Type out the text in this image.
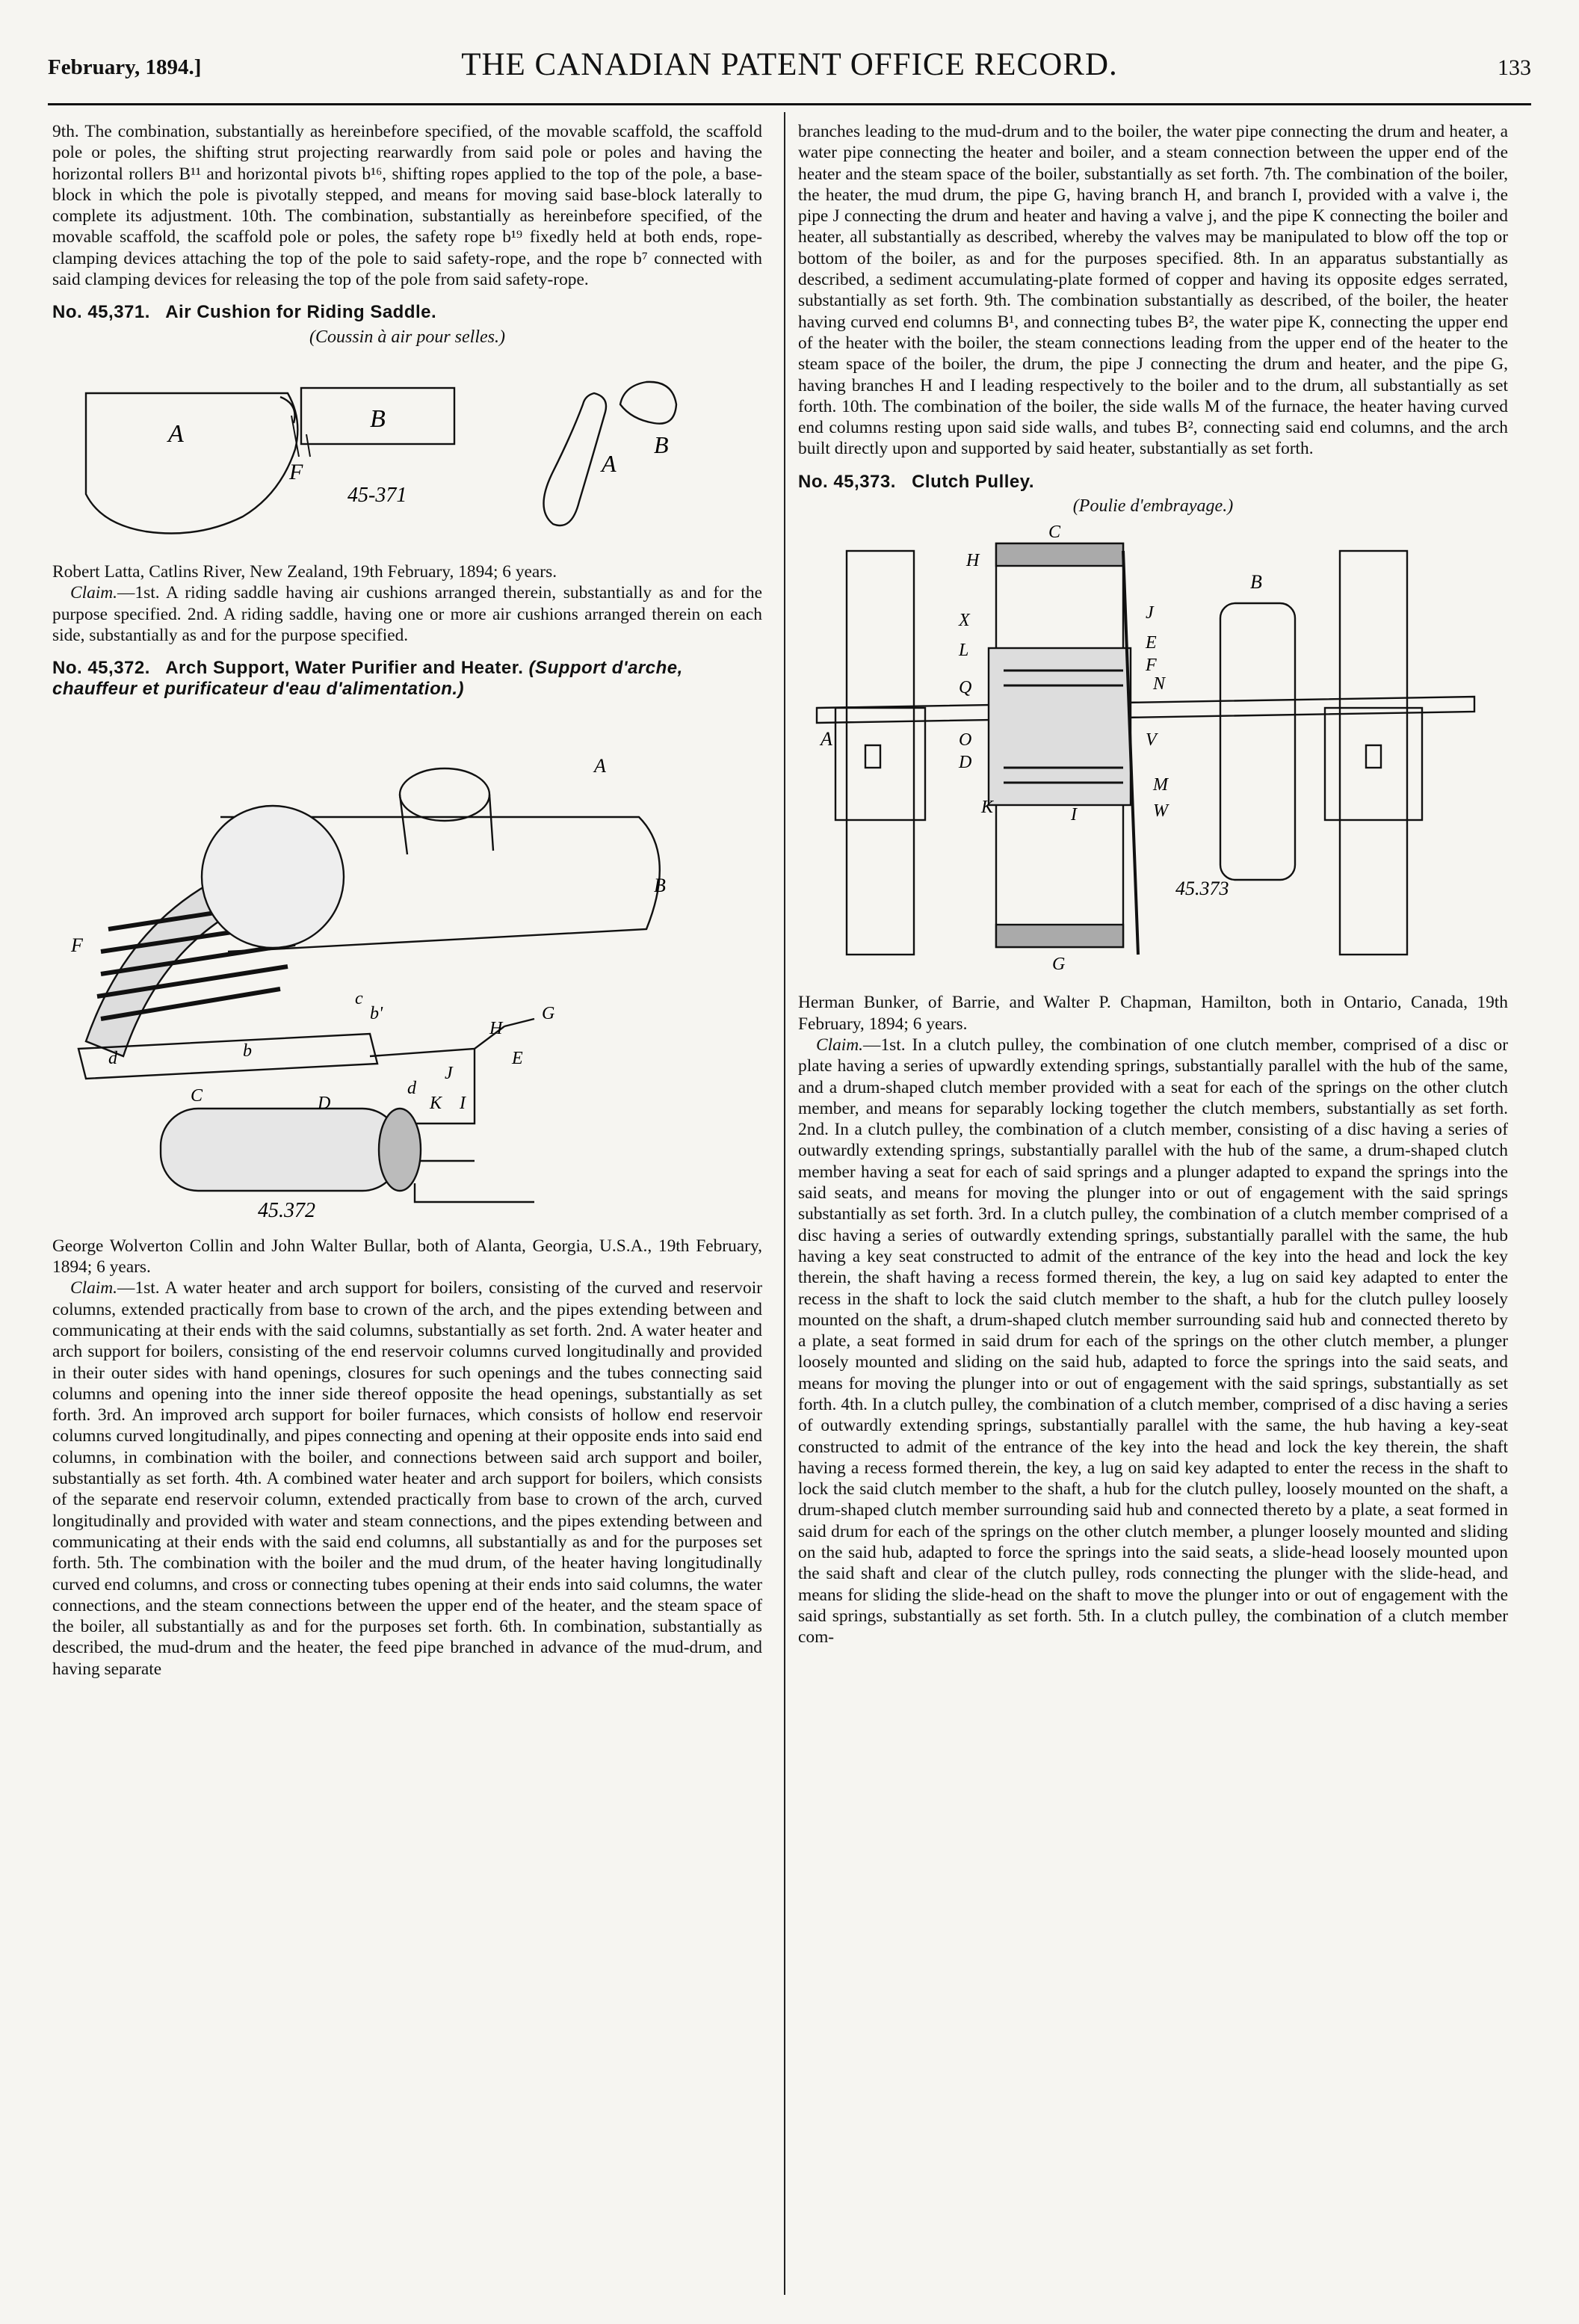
February, 1894.]	THE CANADIAN PATENT OFFICE RECORD.	133

9th. The combination, substantially as hereinbefore specified, of the movable scaffold, the scaffold pole or poles, the shifting strut projecting rearwardly from said pole or poles and having the horizontal rollers B¹¹ and horizontal pivots b¹⁶, shifting ropes applied to the top of the pole, a base-block in which the pole is pivotally stepped, and means for moving said base-block laterally to complete its adjustment. 10th. The combination, substantially as hereinbefore specified, of the movable scaffold, the scaffold pole or poles, the safety rope b¹⁹ fixedly held at both ends, rope-clamping devices attaching the top of the pole to said safety-rope, and the rope b⁷ connected with said clamping devices for releasing the top of the pole from said safety-rope.

No. 45,371. Air Cushion for Riding Saddle.
(Coussin à air pour selles.)
A
B
F	A
B
45-371

Robert Latta, Catlins River, New Zealand, 19th February, 1894; 6 years.

Claim.—1st. A riding saddle having air cushions arranged therein, substantially as and for the purpose specified. 2nd. A riding saddle, having one or more air cushions arranged therein on each side, substantially as and for the purpose specified.

No. 45,372. Arch Support, Water Purifier and Heater. (Support d'arche, chauffeur et purificateur d'eau d'alimentation.)
A
B
F
d	b
b'
c
G
H
E
J
I
K
C	D
d
45.372

George Wolverton Collin and John Walter Bullar, both of Alanta, Georgia, U.S.A., 19th February, 1894; 6 years.

Claim.—1st. A water heater and arch support for boilers, consisting of the curved and reservoir columns, extended practically from base to crown of the arch, and the pipes extending between and communicating at their ends with the said columns, substantially as set forth. 2nd. A water heater and arch support for boilers, consisting of the end reservoir columns curved longitudinally and provided in their outer sides with hand openings, closures for such openings and the tubes connecting said columns and opening into the inner side thereof opposite the head openings, substantially as set forth. 3rd. An improved arch support for boiler furnaces, which consists of hollow end reservoir columns curved longitudinally, and pipes connecting and opening at their opposite ends into said end columns, in combination with the boiler, and connections between said arch support and boiler, substantially as set forth. 4th. A combined water heater and arch support for boilers, which consists of the separate end reservoir column, extended practically from base to crown of the arch, curved longitudinally and provided with water and steam connections, and the pipes extending between and communicating at their ends with the said end columns, all substantially as and for the purposes set forth. 5th. The combination with the boiler and the mud drum, of the heater having longitudinally curved end columns, and cross or connecting tubes opening at their ends into said columns, the water connections, and the steam connections between the upper end of the heater, and the steam space of the boiler, all substantially as and for the purposes set forth. 6th. In combination, substantially as described, the mud-drum and the heater, the feed pipe branched in advance of the mud-drum, and having separate

branches leading to the mud-drum and to the boiler, the water pipe connecting the drum and heater, a water pipe connecting the heater and boiler, and a steam connection between the upper end of the heater and the steam space of the boiler, substantially as set forth. 7th. The combination of the boiler, the heater, the mud drum, the pipe G, having branch H, and branch I, provided with a valve i, the pipe J connecting the drum and heater and having a valve j, and the pipe K connecting the boiler and heater, all substantially as described, whereby the valves may be manipulated to blow off the top or bottom of the boiler, as and for the purposes specified. 8th. In an apparatus substantially as described, a sediment accumulating-plate formed of copper and having its opposite edges serrated, substantially as set forth. 9th. The combination substantially as described, of the boiler, the heater having curved end columns B¹, and connecting tubes B², the water pipe K, connecting the upper end of the heater with the boiler, the steam connections leading from the upper end of the heater to the steam space of the boiler, the drum, the pipe J connecting the drum and heater, and the pipe G, having branches H and I leading respectively to the boiler and to the drum, all substantially as set forth. 10th. The combination of the boiler, the side walls M of the furnace, the heater having curved end columns resting upon said side walls, and tubes B², connecting said end columns, and the arch built directly upon and supported by said heater, substantially as set forth.

No. 45,373. Clutch Pulley.
(Poulie d'embrayage.)
C
H
X
L
Q
O
D
K	I
J
E
F
N
V
M
W
B
A
G
45.373

Herman Bunker, of Barrie, and Walter P. Chapman, Hamilton, both in Ontario, Canada, 19th February, 1894; 6 years.

Claim.—1st. In a clutch pulley, the combination of one clutch member, comprised of a disc or plate having a series of upwardly extending springs, substantially parallel with the hub of the same, and a drum-shaped clutch member provided with a seat for each of the springs on the other clutch member, and means for separably locking together the clutch members, substantially as set forth. 2nd. In a clutch pulley, the combination of a clutch member, consisting of a disc having a series of outwardly extending springs, substantially parallel with the hub of the same, a drum-shaped clutch member having a seat for each of said springs and a plunger adapted to expand the springs into the said seats, and means for moving the plunger into or out of engagement with the said springs substantially as set forth. 3rd. In a clutch pulley, the combination of a clutch member comprised of a disc having a series of outwardly extending springs, substantially parallel with the same, the hub having a key seat constructed to admit of the entrance of the key into the head and lock the key therein, the shaft having a recess formed therein, the key, a lug on said key adapted to enter the recess in the shaft to lock the said clutch member to the shaft, a hub for the clutch pulley loosely mounted on the shaft, a drum-shaped clutch member surrounding said hub and connected thereto by a plate, a seat formed in said drum for each of the springs on the other clutch member, a plunger loosely mounted and sliding on the said hub, adapted to force the springs into the said seats, and means for moving the plunger into or out of engagement with the said springs, substantially as set forth. 4th. In a clutch pulley, the combination of a clutch member, comprised of a disc having a series of outwardly extending springs, substantially parallel with the same, the hub having a key-seat constructed to admit of the entrance of the key into the head and lock the key therein, the shaft having a recess formed therein, the key, a lug on said key adapted to enter the recess in the shaft to lock the said clutch member to the shaft, a hub for the clutch pulley, loosely mounted on the shaft, a drum-shaped clutch member surrounding said hub and connected thereto by a plate, a seat formed in said drum for each of the springs on the other clutch member, a plunger loosely mounted and sliding on the said hub, adapted to force the springs into the said seats, a slide-head loosely mounted upon the said shaft and clear of the clutch pulley, rods connecting the plunger with the slide-head, and means for sliding the slide-head on the shaft to move the plunger into or out of engagement with the said springs, substantially as set forth. 5th. In a clutch pulley, the combination of a clutch member com-
